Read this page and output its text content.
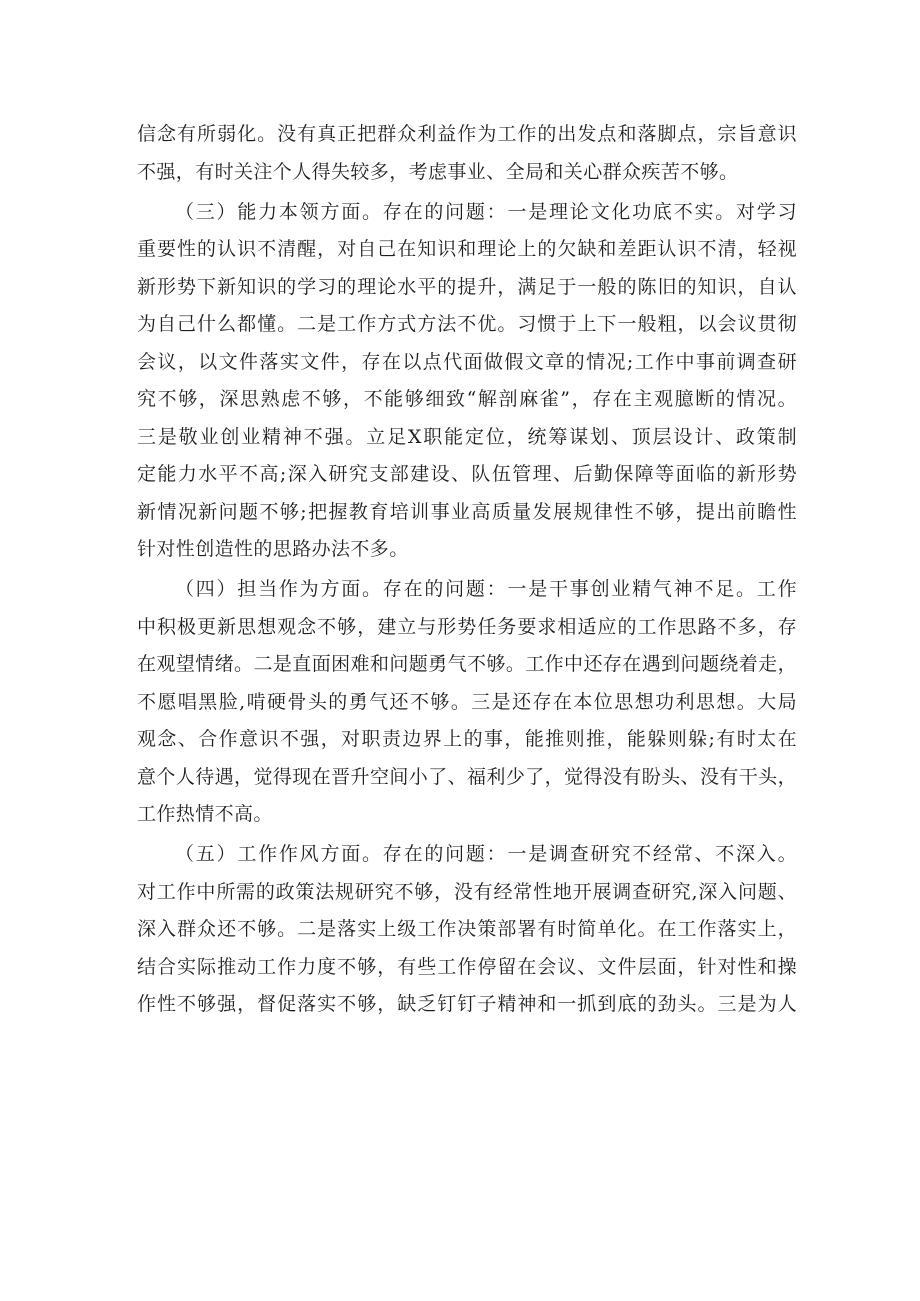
信念有所弱化。没有真正把群众利益作为工作的出发点和落脚点，宗旨意识
不强，有时关注个人得失较多，考虑事业、全局和关心群众疾苦不够。
（三）能力本领方面。存在的问题：一是理论文化功底不实。对学习
重要性的认识不清醒，对自己在知识和理论上的欠缺和差距认识不清，轻视
新形势下新知识的学习的理论水平的提升，满足于一般的陈旧的知识，自认
为自己什么都懂。二是工作方式方法不优。习惯于上下一般粗，以会议贯彻
会议，以文件落实文件，存在以点代面做假文章的情况;工作中事前调查研
究不够，深思熟虑不够，不能够细致“解剖麻雀”，存在主观臆断的情况。
三是敬业创业精神不强。立足X职能定位，统筹谋划、顶层设计、政策制
定能力水平不高;深入研究支部建设、队伍管理、后勤保障等面临的新形势
新情况新问题不够;把握教育培训事业高质量发展规律性不够，提出前瞻性
针对性创造性的思路办法不多。
（四）担当作为方面。存在的问题：一是干事创业精气神不足。工作
中积极更新思想观念不够，建立与形势任务要求相适应的工作思路不多，存
在观望情绪。二是直面困难和问题勇气不够。工作中还存在遇到问题绕着走，
不愿唱黑脸,啃硬骨头的勇气还不够。三是还存在本位思想功利思想。大局
观念、合作意识不强，对职责边界上的事，能推则推，能躲则躲;有时太在
意个人待遇，觉得现在晋升空间小了、福利少了，觉得没有盼头、没有干头，
工作热情不高。
（五）工作作风方面。存在的问题：一是调查研究不经常、不深入。
对工作中所需的政策法规研究不够，没有经常性地开展调查研究,深入问题、
深入群众还不够。二是落实上级工作决策部署有时简单化。在工作落实上，
结合实际推动工作力度不够，有些工作停留在会议、文件层面，针对性和操
作性不够强，督促落实不够，缺乏钉钉子精神和一抓到底的劲头。三是为人
